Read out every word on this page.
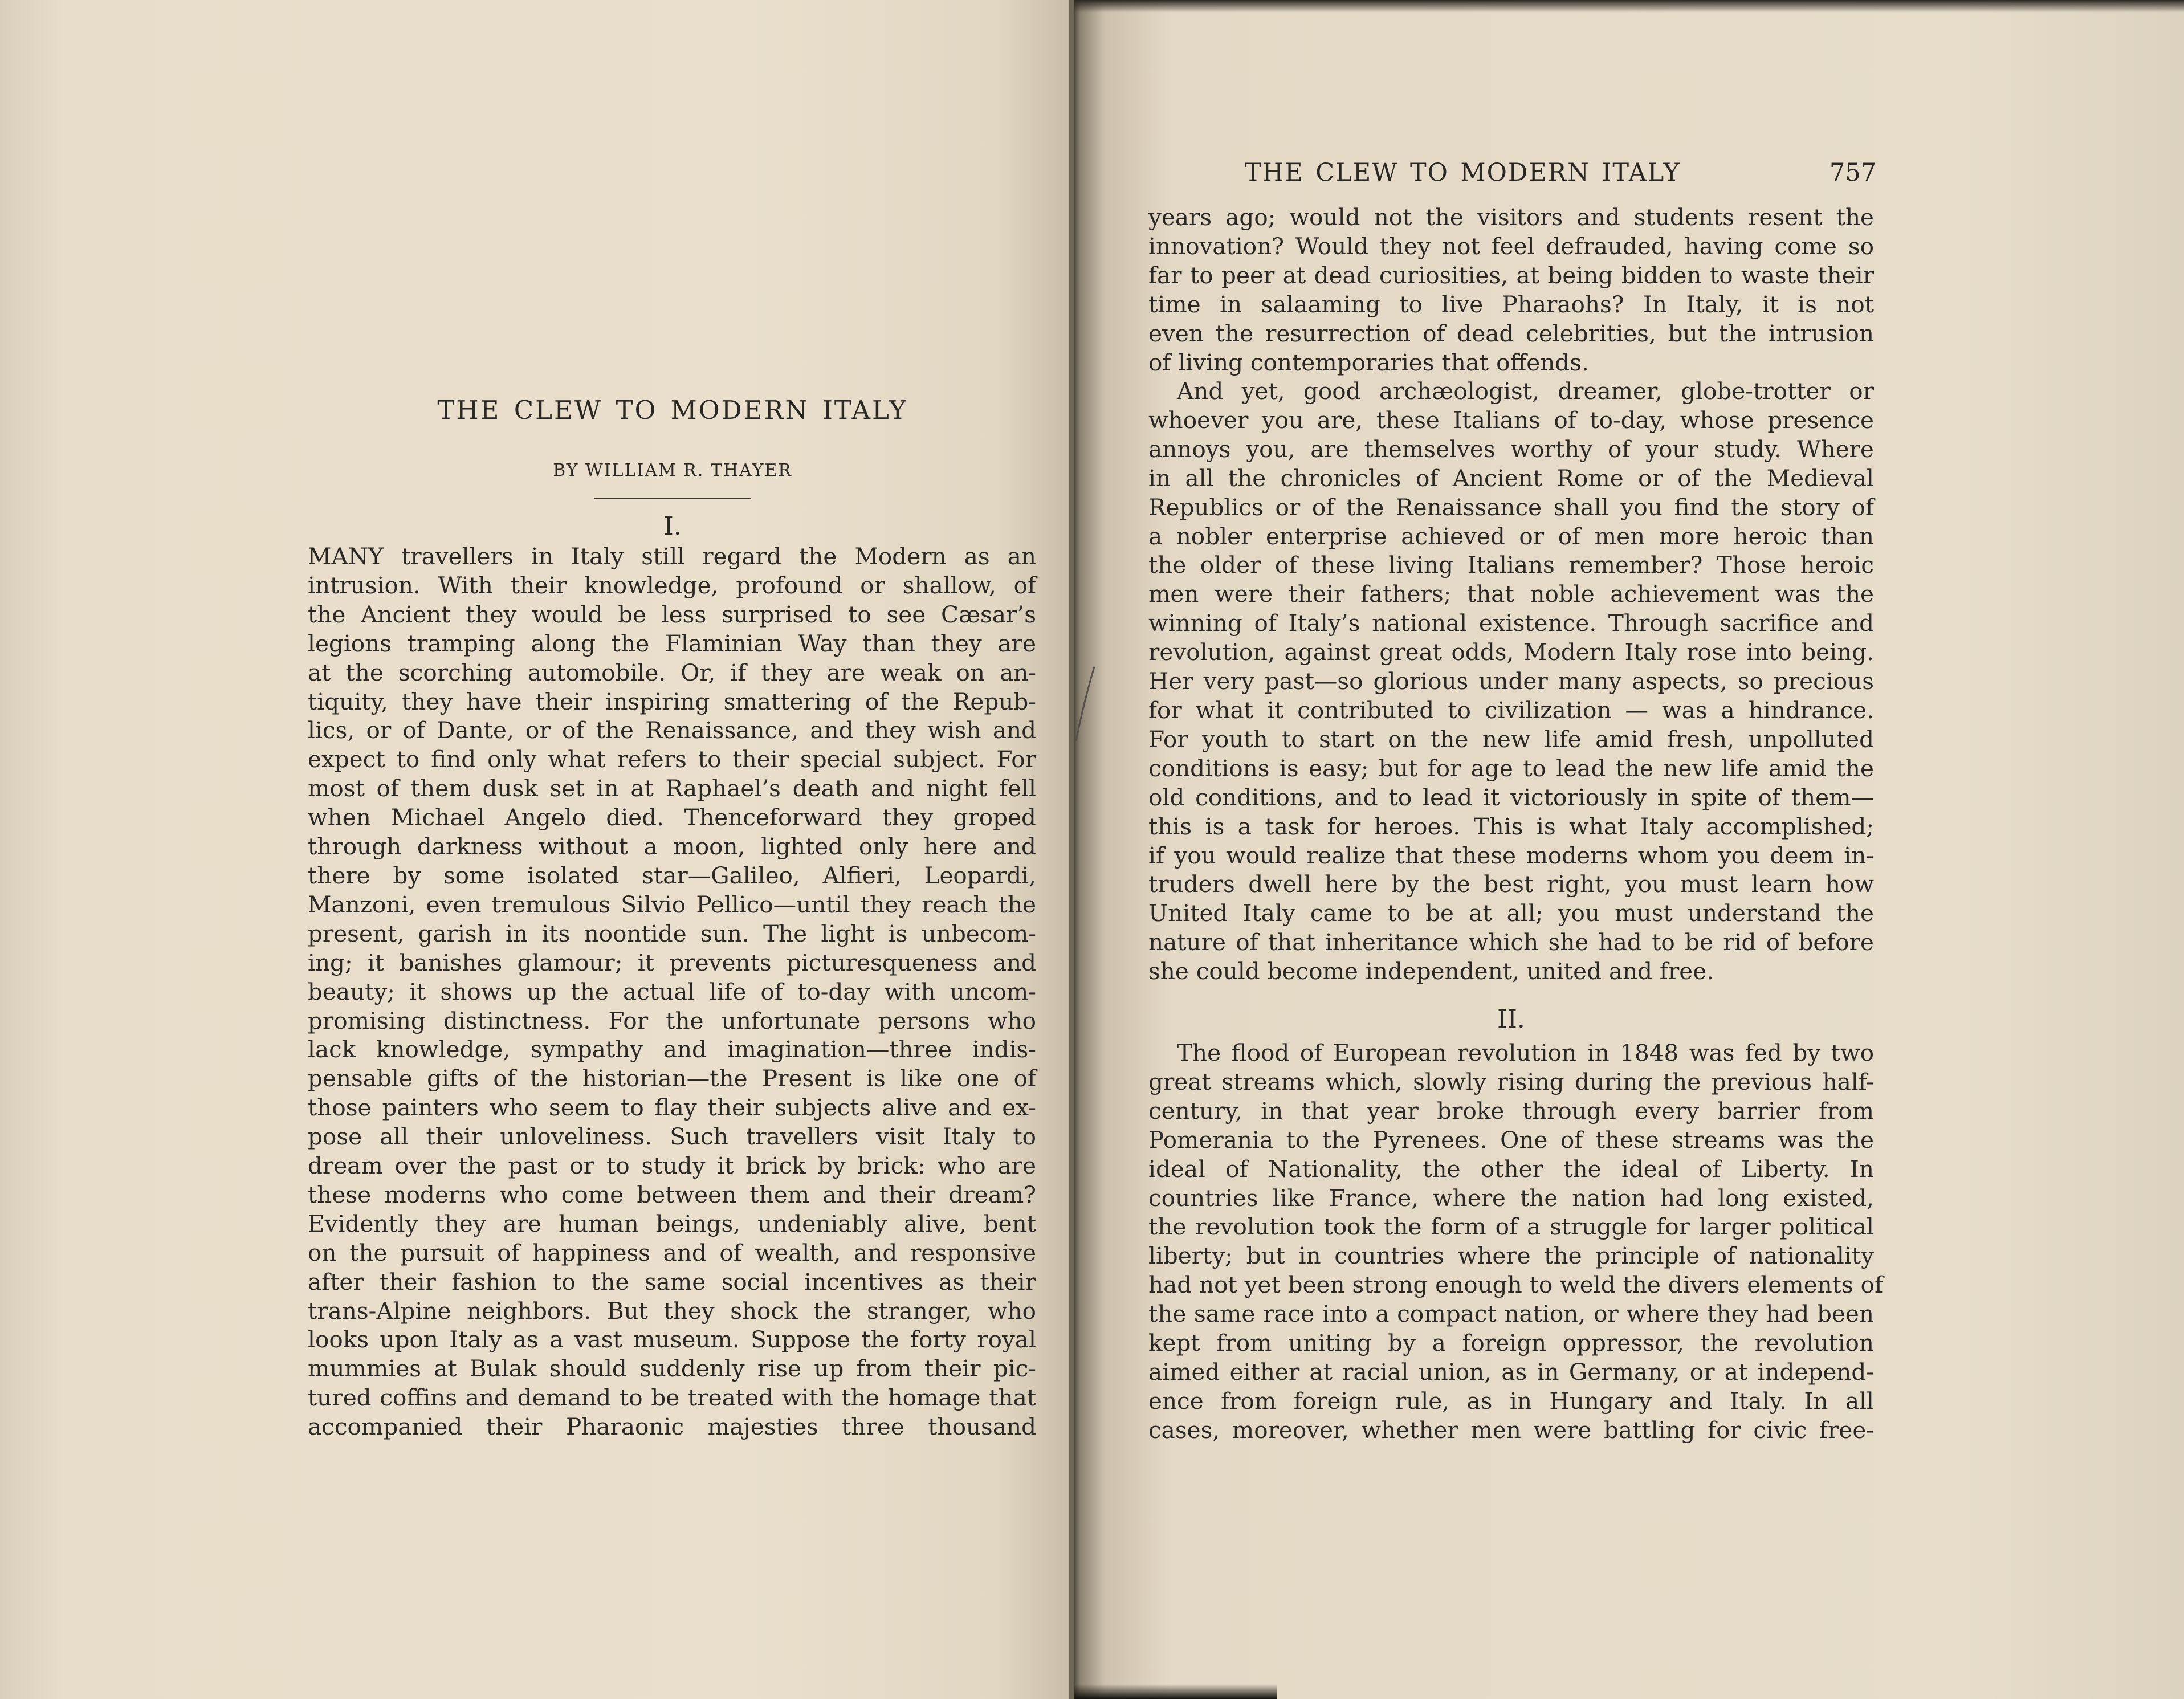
THE CLEW TO MODERN ITALY
BY WILLIAM R. THAYER
I.
MANY travellers in Italy still regard the Modern as an
intrusion. With their knowledge, profound or shallow, of
the Ancient they would be less surprised to see Cæsar’s
legions tramping along the Flaminian Way than they are
at the scorching automobile. Or, if they are weak on an-
tiquity, they have their inspiring smattering of the Repub-
lics, or of Dante, or of the Renaissance, and they wish and
expect to find only what refers to their special subject. For
most of them dusk set in at Raphael’s death and night fell
when Michael Angelo died. Thenceforward they groped
through darkness without a moon, lighted only here and
there by some isolated star—Galileo, Alfieri, Leopardi,
Manzoni, even tremulous Silvio Pellico—until they reach the
present, garish in its noontide sun. The light is unbecom-
ing; it banishes glamour; it prevents picturesqueness and
beauty; it shows up the actual life of to-day with uncom-
promising distinctness. For the unfortunate persons who
lack knowledge, sympathy and imagination—three indis-
pensable gifts of the historian—the Present is like one of
those painters who seem to flay their subjects alive and ex-
pose all their unloveliness. Such travellers visit Italy to
dream over the past or to study it brick by brick: who are
these moderns who come between them and their dream?
Evidently they are human beings, undeniably alive, bent
on the pursuit of happiness and of wealth, and responsive
after their fashion to the same social incentives as their
trans-Alpine neighbors. But they shock the stranger, who
looks upon Italy as a vast museum. Suppose the forty royal
mummies at Bulak should suddenly rise up from their pic-
tured coffins and demand to be treated with the homage that
accompanied their Pharaonic majesties three thousand
THE CLEW TO MODERN ITALY	757
years ago; would not the visitors and students resent the
innovation? Would they not feel defrauded, having come so
far to peer at dead curiosities, at being bidden to waste their
time in salaaming to live Pharaohs? In Italy, it is not
even the resurrection of dead celebrities, but the intrusion
of living contemporaries that offends.
And yet, good archæologist, dreamer, globe-trotter or
whoever you are, these Italians of to-day, whose presence
annoys you, are themselves worthy of your study. Where
in all the chronicles of Ancient Rome or of the Medieval
Republics or of the Renaissance shall you find the story of
a nobler enterprise achieved or of men more heroic than
the older of these living Italians remember? Those heroic
men were their fathers; that noble achievement was the
winning of Italy’s national existence. Through sacrifice and
revolution, against great odds, Modern Italy rose into being.
Her very past—so glorious under many aspects, so precious
for what it contributed to civilization — was a hindrance.
For youth to start on the new life amid fresh, unpolluted
conditions is easy; but for age to lead the new life amid the
old conditions, and to lead it victoriously in spite of them—
this is a task for heroes. This is what Italy accomplished;
if you would realize that these moderns whom you deem in-
truders dwell here by the best right, you must learn how
United Italy came to be at all; you must understand the
nature of that inheritance which she had to be rid of before
she could become independent, united and free.
II.
The flood of European revolution in 1848 was fed by two
great streams which, slowly rising during the previous half-
century, in that year broke through every barrier from
Pomerania to the Pyrenees. One of these streams was the
ideal of Nationality, the other the ideal of Liberty. In
countries like France, where the nation had long existed,
the revolution took the form of a struggle for larger political
liberty; but in countries where the principle of nationality
had not yet been strong enough to weld the divers elements of
the same race into a compact nation, or where they had been
kept from uniting by a foreign oppressor, the revolution
aimed either at racial union, as in Germany, or at independ-
ence from foreign rule, as in Hungary and Italy. In all
cases, moreover, whether men were battling for civic free-
